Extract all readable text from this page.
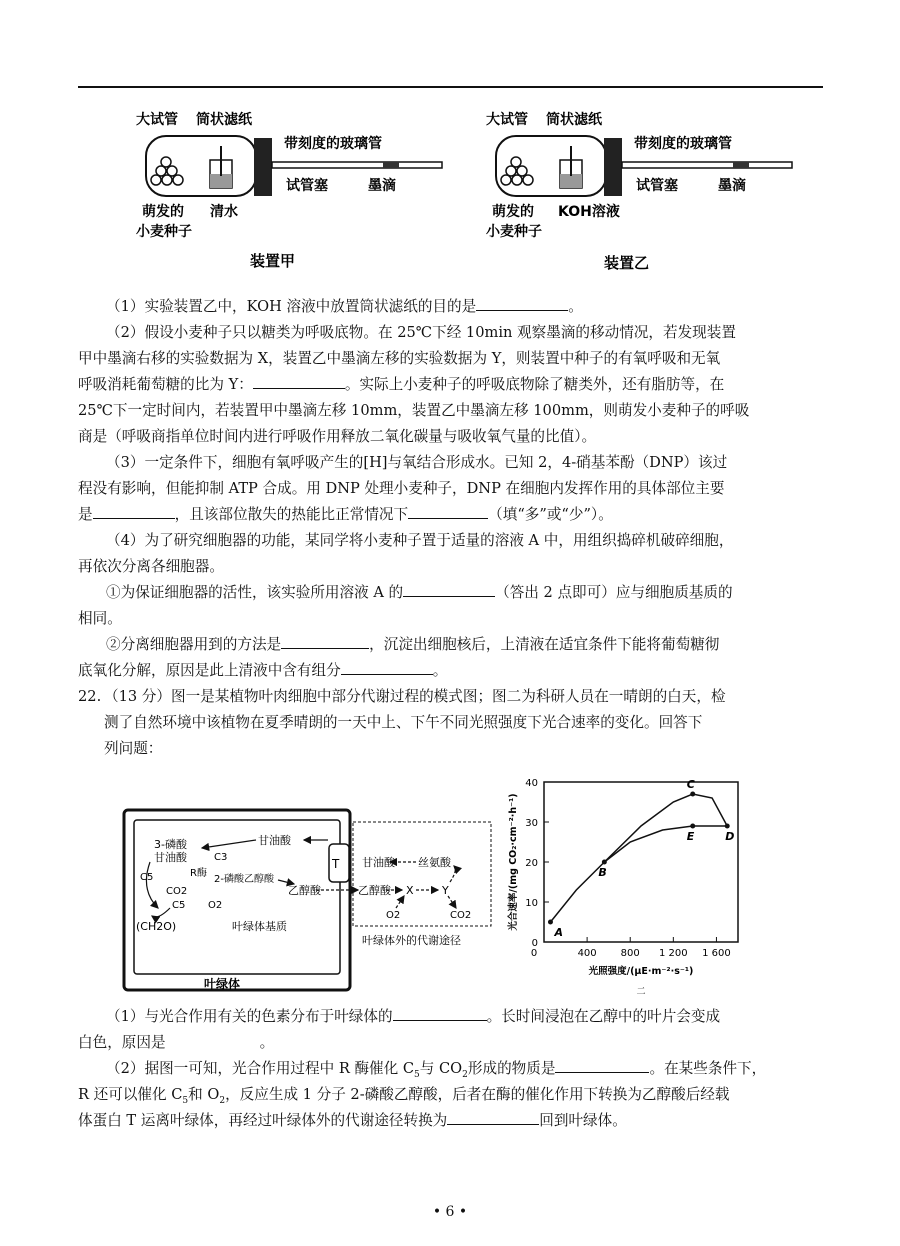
大试管 筒状滤纸
带刻度的玻璃管
试管塞	墨滴
萌发的
小麦种子
清水
装置甲
大试管 筒状滤纸
带刻度的玻璃管
试管塞	墨滴
萌发的
小麦种子
KOH溶液
装置乙
（1）实验装置乙中，KOH 溶液中放置筒状滤纸的目的是	。
（2）假设小麦种子只以糖类为呼吸底物。在 25℃下经 10min 观察墨滴的移动情况，若发现装置
甲中墨滴右移的实验数据为 X，装置乙中墨滴左移的实验数据为 Y，则装置中种子的有氧呼吸和无氧
呼吸消耗葡萄糖的比为 Y：	。实际上小麦种子的呼吸底物除了糖类外，还有脂肪等，在
25℃下一定时间内，若装置甲中墨滴左移 10mm，装置乙中墨滴左移 100mm，则萌发小麦种子的呼吸
商是（呼吸商指单位时间内进行呼吸作用释放二氧化碳量与吸收氧气量的比值）。
（3）一定条件下，细胞有氧呼吸产生的[H]与氧结合形成水。已知 2，4-硝基苯酚（DNP）该过
程没有影响，但能抑制 ATP 合成。用 DNP 处理小麦种子，DNP 在细胞内发挥作用的具体部位主要
是	，且该部位散失的热能比正常情况下	（填“多”或“少”）。
（4）为了研究细胞器的功能，某同学将小麦种子置于适量的溶液 A 中，用组织捣碎机破碎细胞，
再依次分离各细胞器。
①为保证细胞器的活性，该实验所用溶液 A 的	（答出 2 点即可）应与细胞质基质的
相同。
②分离细胞器用到的方法是	，沉淀出细胞核后，上清液在适宜条件下能将葡萄糖彻
底氧化分解，原因是此上清液中含有组分	。
22. （13 分）图一是某植物叶肉细胞中部分代谢过程的模式图；图二为科研人员在一晴朗的白天，检
测了自然环境中该植物在夏季晴朗的一天中上、下午不同光照强度下光合速率的变化。回答下
列问题：
T
甘油酸
3-磷酸
甘油酸	C3
R酶
C5
CO2
C5
2-磷酸乙醇酸
O2
乙醇酸
(CH2O)	叶绿体基质
叶绿体
甘油酸 丝氨酸
乙醇酸 X	Y
O2	CO2
叶绿体外的代谢途径	0
10
20
30
40
400 800 1 200 1 600
0
光照强度/(μE·m⁻²·s⁻¹)
光合速率/(mg CO₂·cm⁻²·h⁻¹)
A
B
C
D
E
二
（1）与光合作用有关的色素分布于叶绿体的	。长时间浸泡在乙醇中的叶片会变成
白色，原因是	。
（2）据图一可知，光合作用过程中 R 酶催化 $C_5$与 $CO_2$形成的物质是	。在某些条件下，
R 还可以催化 $C_5$和 $O_2$，反应生成 1 分子 2-磷酸乙醇酸，后者在酶的催化作用下转换为乙醇酸后经载
体蛋白 T 运离叶绿体，再经过叶绿体外的代谢途径转换为	回到叶绿体。
• 6 •
